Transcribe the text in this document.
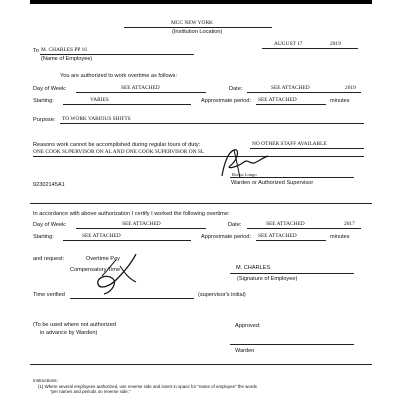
MCC NEW YORK
(Institution Location)
AUGUST 17	2019
To M. CHARLES PP 16
(Name of Employee)
You are authorized to work overtime as follows:
Day of Week:	SEE ATTACHED	Date:	SEE ATTACHED	2019
Starting:	VARIES	Approximate period: SEE ATTACHED	minutes
Purpose: TO WORK VARIOUS SHIFTS
Reasons work cannot be accomplished during regular tours of duty:	NO OTHER STAFF AVAILABLE
ONE COOK SUPERVISOR ON AL AND ONE COOK SUPERVISOR ON SL
Rocus Longo
Warden or Authorized Supervisor
92302145A1
In accordance with above authorization I certify I worked the following overtime:
Day of Week:	SEE ATTACHED	Date:	SEE ATTACHED	2017
Starting:	SEE ATTACHED	Approximate period: SEE ATTACHED	minutes
and request:	Overtime Pay
Compensatory Time	M. CHARLES
(Signature of Employee)
Time verified	(supervisor's initial)
(To be used where not authorized
in advance by Warden)
Approved:
Warden
Instructions:
(1) Where several employees authorized, use reverse side and insert in space for "name of employee" the words
"per names and periods on reverse side."
